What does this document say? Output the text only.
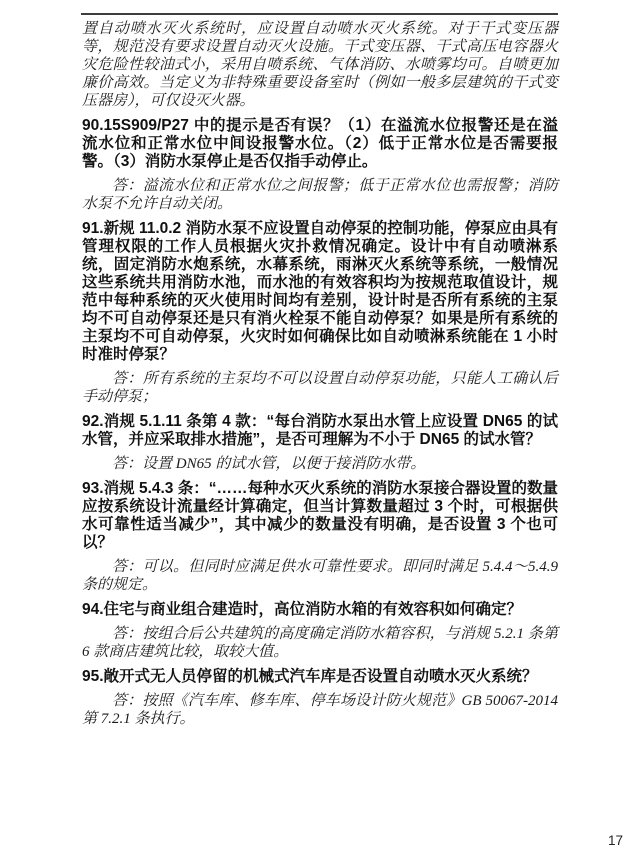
置自动喷水灭火系统时，应设置自动喷水灭火系统。对于干式变压器等，规范没有要求设置自动灭火设施。干式变压器、干式高压电容器火灾危险性较油式小，采用自喷系统、气体消防、水喷雾均可。自喷更加廉价高效。当定义为非特殊重要设备室时（例如一般多层建筑的干式变压器房），可仅设灭火器。

90.15S909/P27 中的提示是否有误？（1）在溢流水位报警还是在溢流水位和正常水位中间设报警水位。（2）低于正常水位是否需要报警。（3）消防水泵停止是否仅指手动停止。

答：溢流水位和正常水位之间报警；低于正常水位也需报警；消防水泵不允许自动关闭。

91.新规 11.0.2 消防水泵不应设置自动停泵的控制功能，停泵应由具有管理权限的工作人员根据火灾扑救情况确定。设计中有自动喷淋系统，固定消防水炮系统，水幕系统，雨淋灭火系统等系统，一般情况这些系统共用消防水池，而水池的有效容积均为按规范取值设计，规范中每种系统的灭火使用时间均有差别，设计时是否所有系统的主泵均不可自动停泵还是只有消火栓泵不能自动停泵？如果是所有系统的主泵均不可自动停泵，火灾时如何确保比如自动喷淋系统能在 1 小时时准时停泵？

答：所有系统的主泵均不可以设置自动停泵功能，只能人工确认后手动停泵；

92.消规 5.1.11 条第 4 款：“每台消防水泵出水管上应设置 DN65 的试水管，并应采取排水措施”，是否可理解为不小于 DN65 的试水管？

答：设置 DN65 的试水管，以便于接消防水带。

93.消规 5.4.3 条：“……每种水灭火系统的消防水泵接合器设置的数量应按系统设计流量经计算确定，但当计算数量超过 3 个时，可根据供水可靠性适当减少”，其中减少的数量没有明确，是否设置 3 个也可以？

答：可以。但同时应满足供水可靠性要求。即同时满足 5.4.4～5.4.9 条的规定。

94.住宅与商业组合建造时，高位消防水箱的有效容积如何确定？

答：按组合后公共建筑的高度确定消防水箱容积，与消规 5.2.1 条第 6 款商店建筑比较，取较大值。

95.敞开式无人员停留的机械式汽车库是否设置自动喷水灭火系统？

答：按照《汽车库、修车库、停车场设计防火规范》GB 50067-2014 第 7.2.1 条执行。

17
